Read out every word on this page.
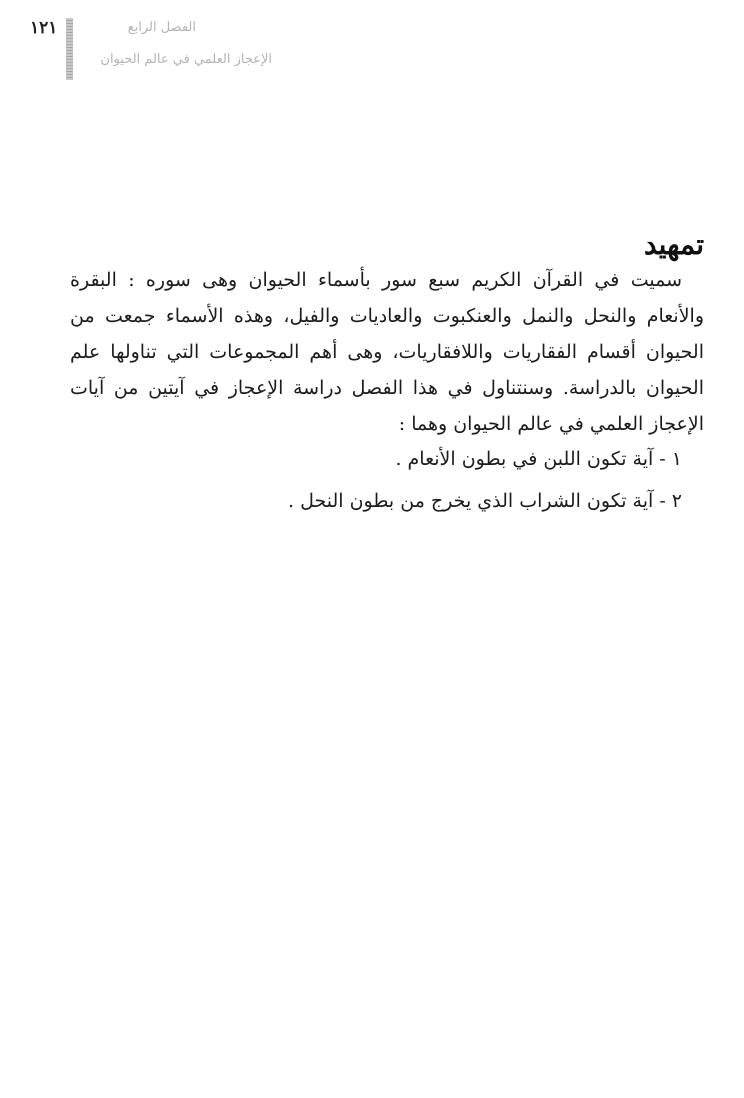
١٢١	الفصل الرابع
الإعجاز العلمي في عالم الحيوان
تمهيد

سميت في القرآن الكريم سبع سور بأسماء الحيوان وهى سوره : البقرة والأنعام والنحل والنمل والعنكبوت والعاديات والفيل، وهذه الأسماء جمعت من الحيوان أقسام الفقاريات واللافقاريات، وهى أهم المجموعات التي تناولها علم الحيوان بالدراسة. وسنتناول في هذا الفصل دراسة الإعجاز في آيتين من آيات الإعجاز العلمي في عالم الحيوان وهما :

١ - آية تكون اللبن في بطون الأنعام .
٢ - آية تكون الشراب الذي يخرج من بطون النحل .
